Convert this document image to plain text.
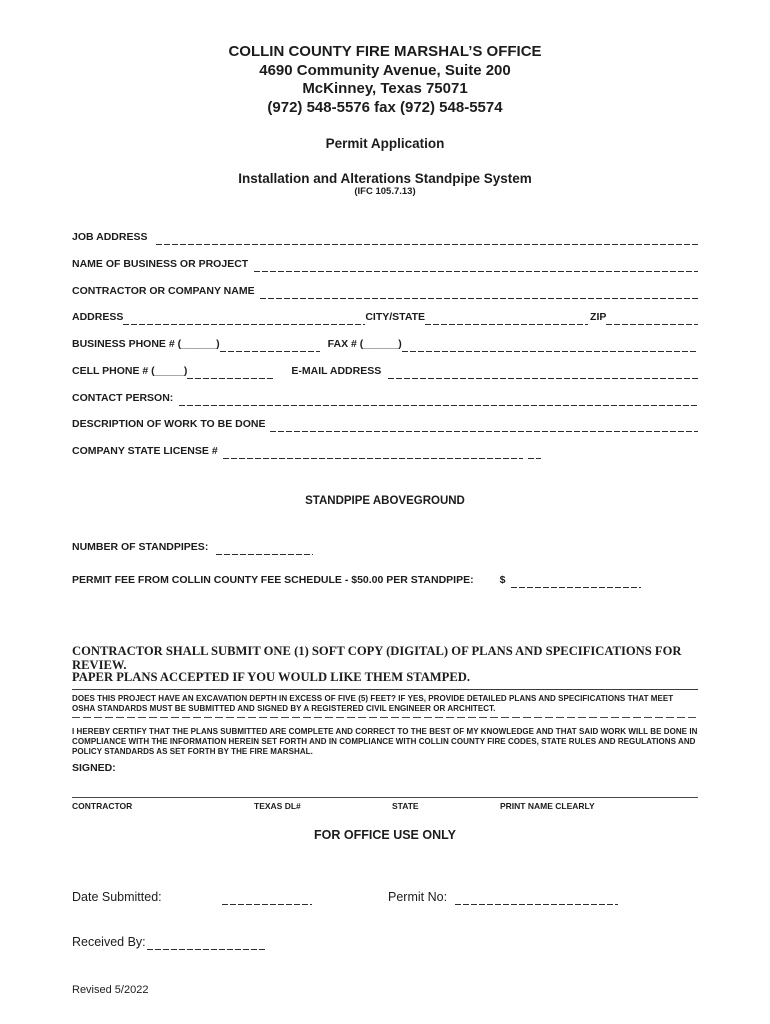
COLLIN COUNTY FIRE MARSHAL’S OFFICE
4690 Community Avenue, Suite 200
McKinney, Texas 75071
(972) 548-5576 fax (972) 548-5574
Permit Application
Installation and Alterations Standpipe System
(IFC 105.7.13)
JOB ADDRESS
NAME OF BUSINESS OR PROJECT
CONTRACTOR OR COMPANY NAME
ADDRESS	CITY/STATE	ZIP
BUSINESS PHONE # (______)	FAX # (______)
CELL PHONE # (_____)	E-MAIL ADDRESS
CONTACT PERSON:
DESCRIPTION OF WORK TO BE DONE
COMPANY STATE LICENSE #
STANDPIPE ABOVEGROUND
NUMBER OF STANDPIPES:
PERMIT FEE FROM COLLIN COUNTY FEE SCHEDULE - $50.00 PER STANDPIPE: $
CONTRACTOR SHALL SUBMIT ONE (1) SOFT COPY (DIGITAL) OF PLANS AND SPECIFICATIONS FOR REVIEW.
PAPER PLANS ACCEPTED IF YOU WOULD LIKE THEM STAMPED.
DOES THIS PROJECT HAVE AN EXCAVATION DEPTH IN EXCESS OF FIVE (5) FEET? IF YES, PROVIDE DETAILED PLANS AND SPECIFICATIONS THAT MEET OSHA STANDARDS MUST BE SUBMITTED AND SIGNED BY A REGISTERED CIVIL ENGINEER OR ARCHITECT.
I HEREBY CERTIFY THAT THE PLANS SUBMITTED ARE COMPLETE AND CORRECT TO THE BEST OF MY KNOWLEDGE AND THAT SAID WORK WILL BE DONE IN COMPLIANCE WITH THE INFORMATION HEREIN SET FORTH AND IN COMPLIANCE WITH COLLIN COUNTY FIRE CODES, STATE RULES AND REGULATIONS AND POLICY STANDARDS AS SET FORTH BY THE FIRE MARSHAL.
SIGNED:
CONTRACTOR	TEXAS DL#	STATE	PRINT NAME CLEARLY
FOR OFFICE USE ONLY
Date Submitted:	Permit No:
Received By:
Revised 5/2022
